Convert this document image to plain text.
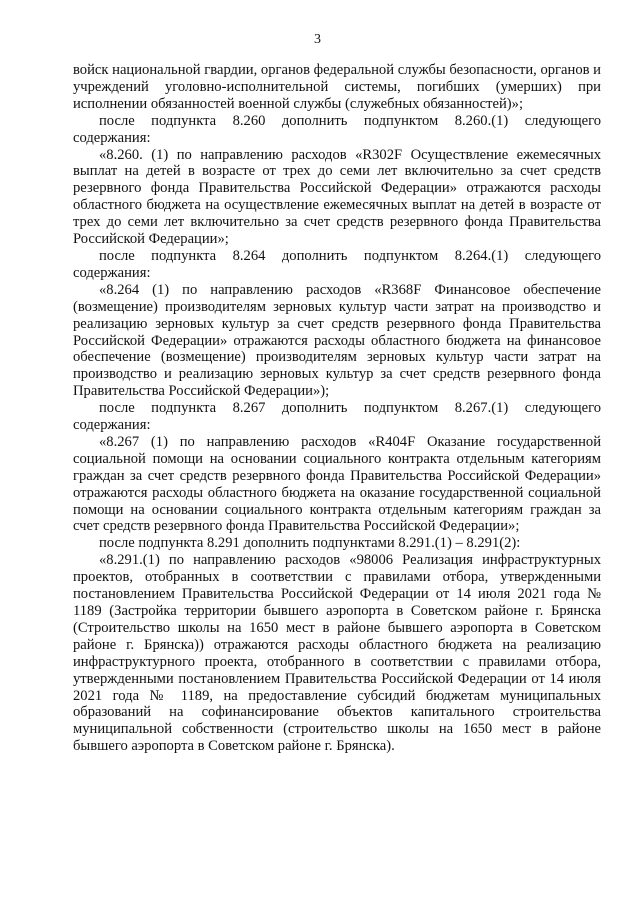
3

войск национальной гвардии, органов федеральной службы безопасности, органов и учреждений уголовно-исполнительной системы, погибших (умерших) при исполнении обязанностей военной службы (служебных обязанностей)»;

после подпункта 8.260 дополнить подпунктом 8.260.(1) следующего содержания:

«8.260. (1) по направлению расходов «R302F Осуществление ежемесячных выплат на детей в возрасте от трех до семи лет включительно за счет средств резервного фонда Правительства Российской Федерации» отражаются расходы областного бюджета на осуществление ежемесячных выплат на детей в возрасте от трех до семи лет включительно за счет средств резервного фонда Правительства Российской Федерации»;

после подпункта 8.264 дополнить подпунктом 8.264.(1) следующего содержания:

«8.264 (1) по направлению расходов «R368F Финансовое обеспечение (возмещение) производителям зерновых культур части затрат на производство и реализацию зерновых культур за счет средств резервного фонда Правительства Российской Федерации» отражаются расходы областного бюджета на финансовое обеспечение (возмещение) производителям зерновых культур части затрат на производство и реализацию зерновых культур за счет средств резервного фонда Правительства Российской Федерации»);

после подпункта 8.267 дополнить подпунктом 8.267.(1) следующего содержания:

«8.267 (1) по направлению расходов «R404F Оказание государственной социальной помощи на основании социального контракта отдельным категориям граждан за счет средств резервного фонда Правительства Российской Федерации» отражаются расходы областного бюджета на оказание государственной социальной помощи на основании социального контракта отдельным категориям граждан за счет средств резервного фонда Правительства Российской Федерации»;

после подпункта 8.291 дополнить подпунктами 8.291.(1) – 8.291(2):

«8.291.(1) по направлению расходов «98006 Реализация инфраструктурных проектов, отобранных в соответствии с правилами отбора, утвержденными постановлением Правительства Российской Федерации от 14 июля 2021 года № 1189 (Застройка территории бывшего аэропорта в Советском районе г. Брянска (Строительство школы на 1650 мест в районе бывшего аэропорта в Советском районе г. Брянска)) отражаются расходы областного бюджета на реализацию инфраструктурного проекта, отобранного в соответствии с правилами отбора, утвержденными постановлением Правительства Российской Федерации от 14 июля 2021 года № 1189, на предоставление субсидий бюджетам муниципальных образований на софинансирование объектов капитального строительства муниципальной собственности (строительство школы на 1650 мест в районе бывшего аэропорта в Советском районе г. Брянска).
